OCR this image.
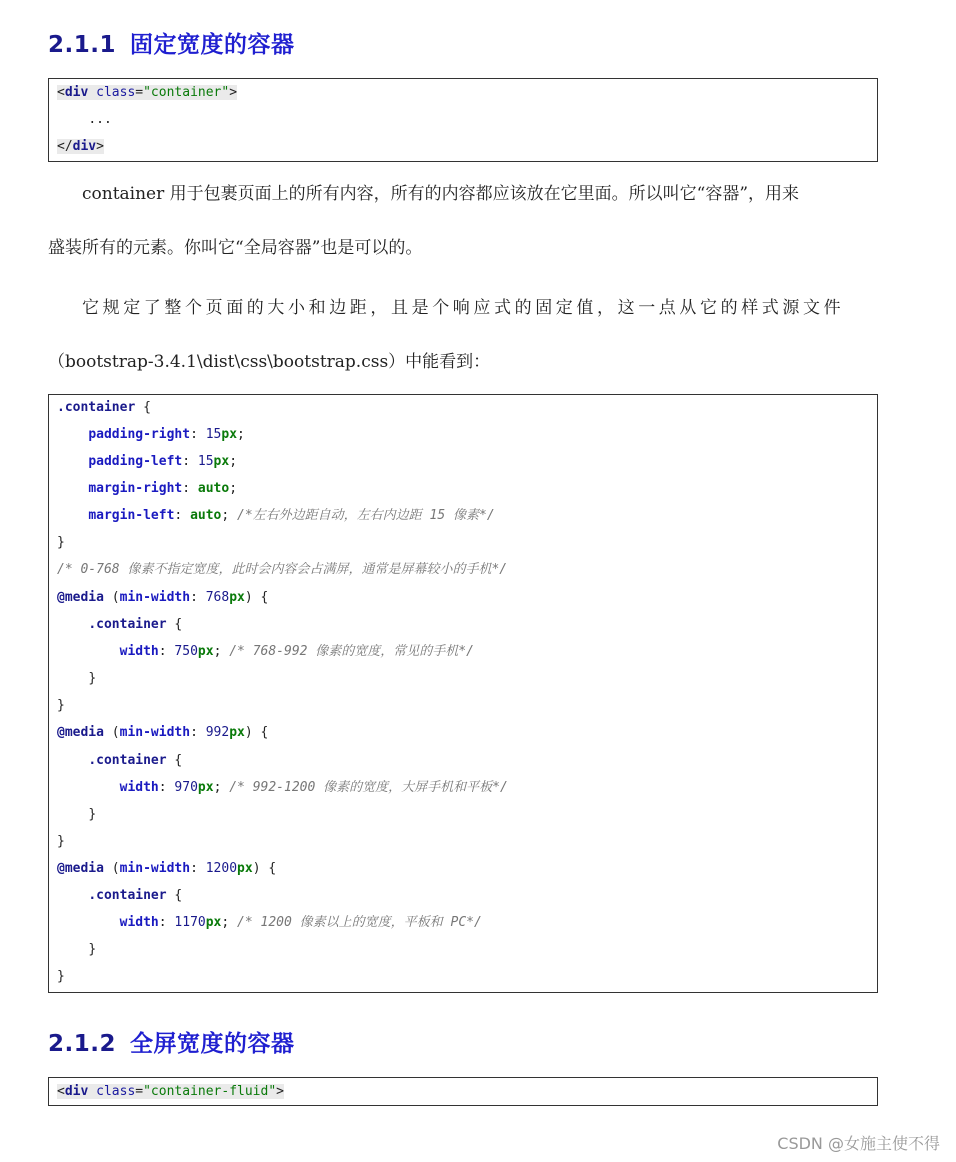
2.1.1 固定宽度的容器
<div class="container">
...
</div>

container 用于包裹页面上的所有内容，所有的内容都应该放在它里面。所以叫它“容器”，用来
盛装所有的元素。你叫它“全局容器”也是可以的。

它规定了整个页面的大小和边距，且是个响应式的固定值，这一点从它的样式源文件
（bootstrap-3.4.1\dist\css\bootstrap.css）中能看到：

.container {
padding-right: 15px;
padding-left: 15px;
margin-right: auto;
margin-left: auto; /*左右外边距自动，左右内边距 15 像素*/
}
/* 0-768 像素不指定宽度，此时会内容会占满屏，通常是屏幕较小的手机*/
@media (min-width: 768px) {
.container {
width: 750px; /* 768-992 像素的宽度，常见的手机*/
}
}
@media (min-width: 992px) {
.container {
width: 970px; /* 992-1200 像素的宽度，大屏手机和平板*/
}
}
@media (min-width: 1200px) {
.container {
width: 1170px; /* 1200 像素以上的宽度，平板和 PC*/
}
}
2.1.2 全屏宽度的容器
<div class="container-fluid">
CSDN @女施主使不得
